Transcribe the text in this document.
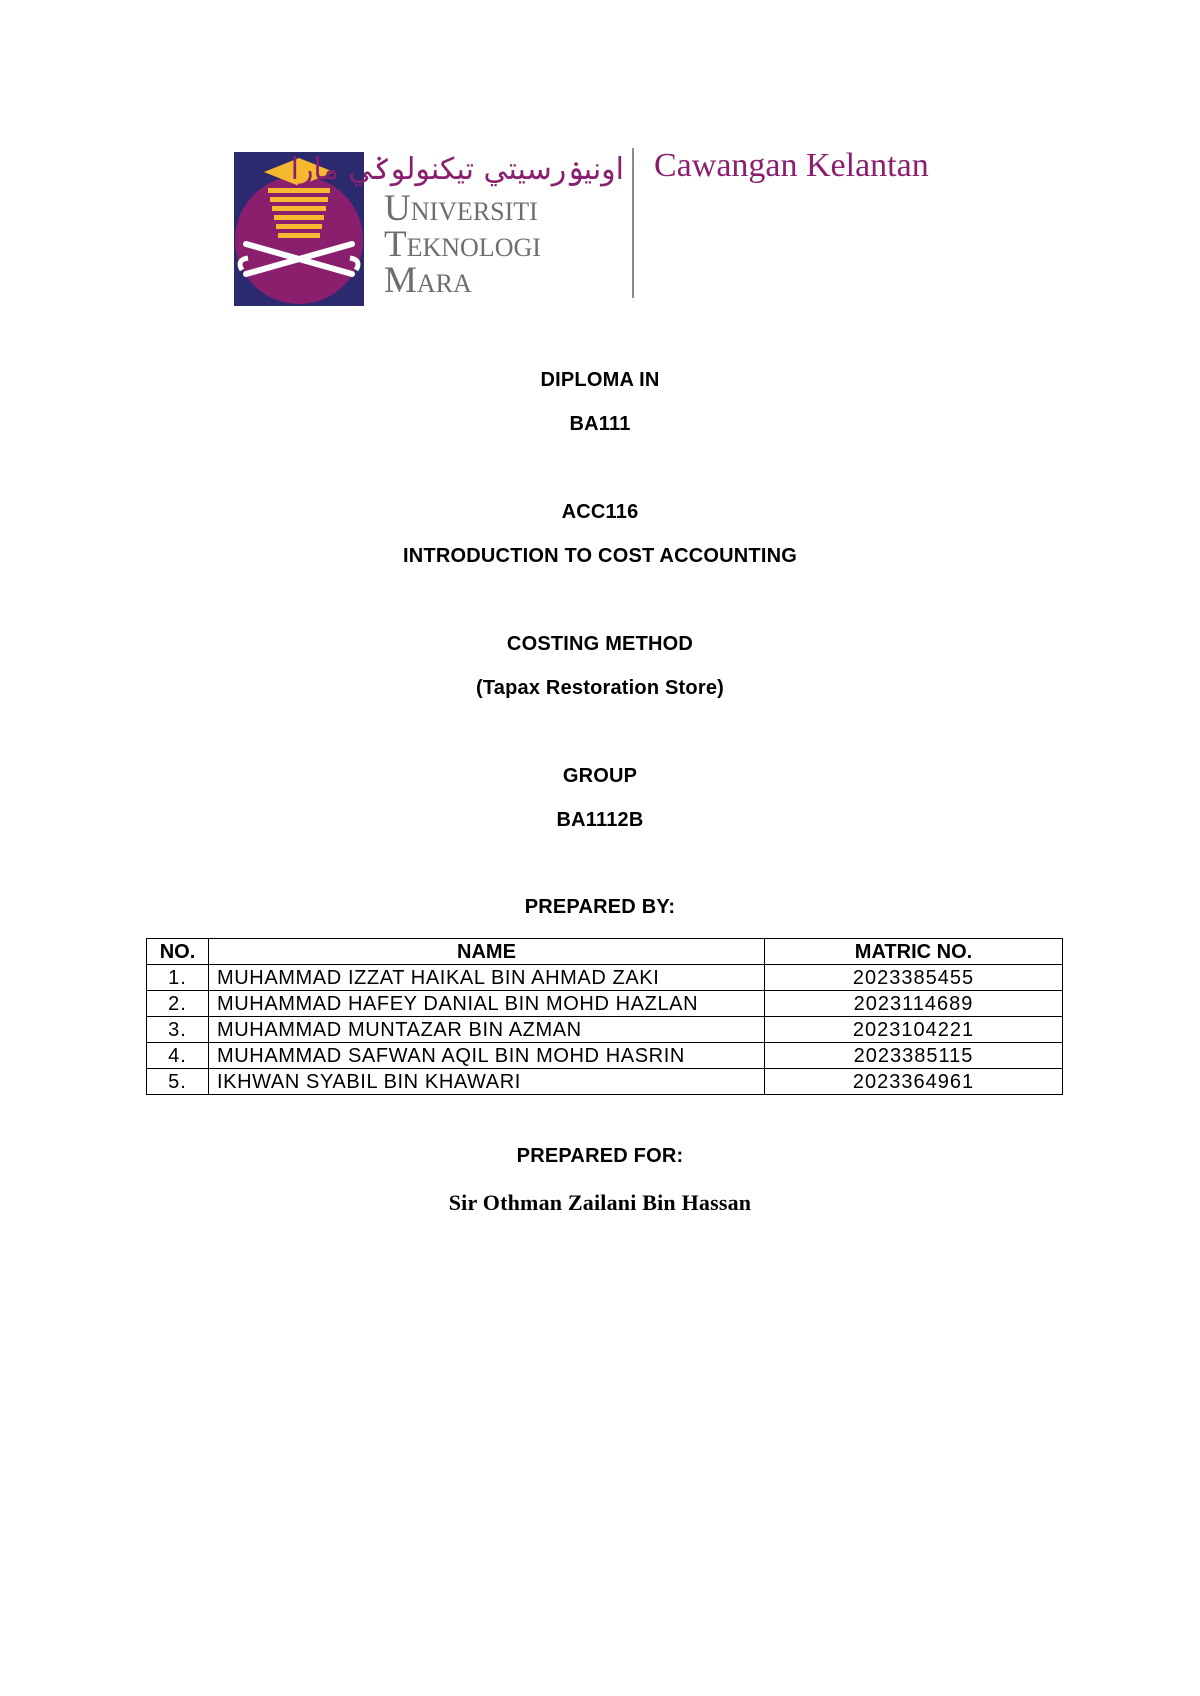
اونيۏرسيتي تيکنولوݢي مارا
Universiti
Teknologi
Mara
Cawangan Kelantan
DIPLOMA IN
BA111
ACC116
INTRODUCTION TO COST ACCOUNTING
COSTING METHOD
(Tapax Restoration Store)
GROUP
BA1112B
PREPARED BY:
NO.	NAME	MATRIC NO.
1.	MUHAMMAD IZZAT HAIKAL BIN AHMAD ZAKI	2023385455
2.	MUHAMMAD HAFEY DANIAL BIN MOHD HAZLAN	2023114689
3.	MUHAMMAD MUNTAZAR BIN AZMAN	2023104221
4.	MUHAMMAD SAFWAN AQIL BIN MOHD HASRIN	2023385115
5.	IKHWAN SYABIL BIN KHAWARI	2023364961
PREPARED FOR:
Sir Othman Zailani Bin Hassan
